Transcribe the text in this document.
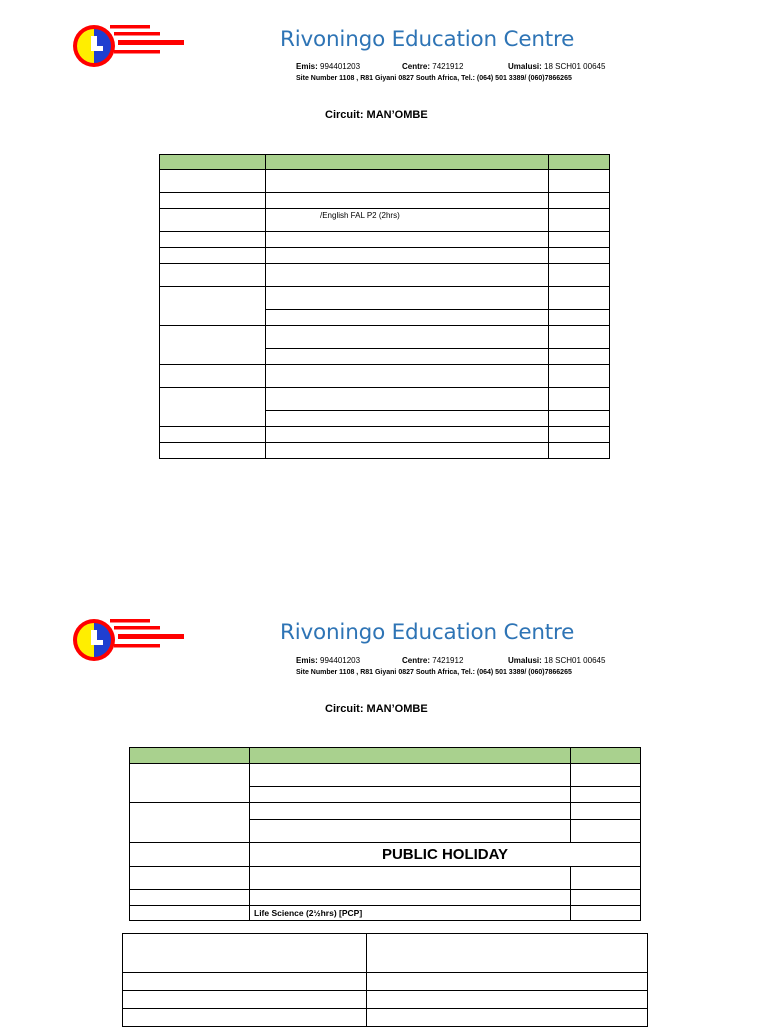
Rivoningo Education Centre
Emis: 994401203	Centre: 7421912	Umalusi: 18 SCH01 00645
Site Number 1108 , R81 Giyani 0827 South Africa, Tel.: (064) 501 3389/ (060)7866265
Circuit: MAN’OMBE

	/English FAL P2 (2hrs)	

Rivoningo Education Centre
Emis: 994401203	Centre: 7421912	Umalusi: 18 SCH01 00645
Site Number 1108 , R81 Giyani 0827 South Africa, Tel.: (064) 501 3389/ (060)7866265
Circuit: MAN’OMBE

	PUBLIC HOLIDAY	

	Life Science (2½hrs) [PCP]	
